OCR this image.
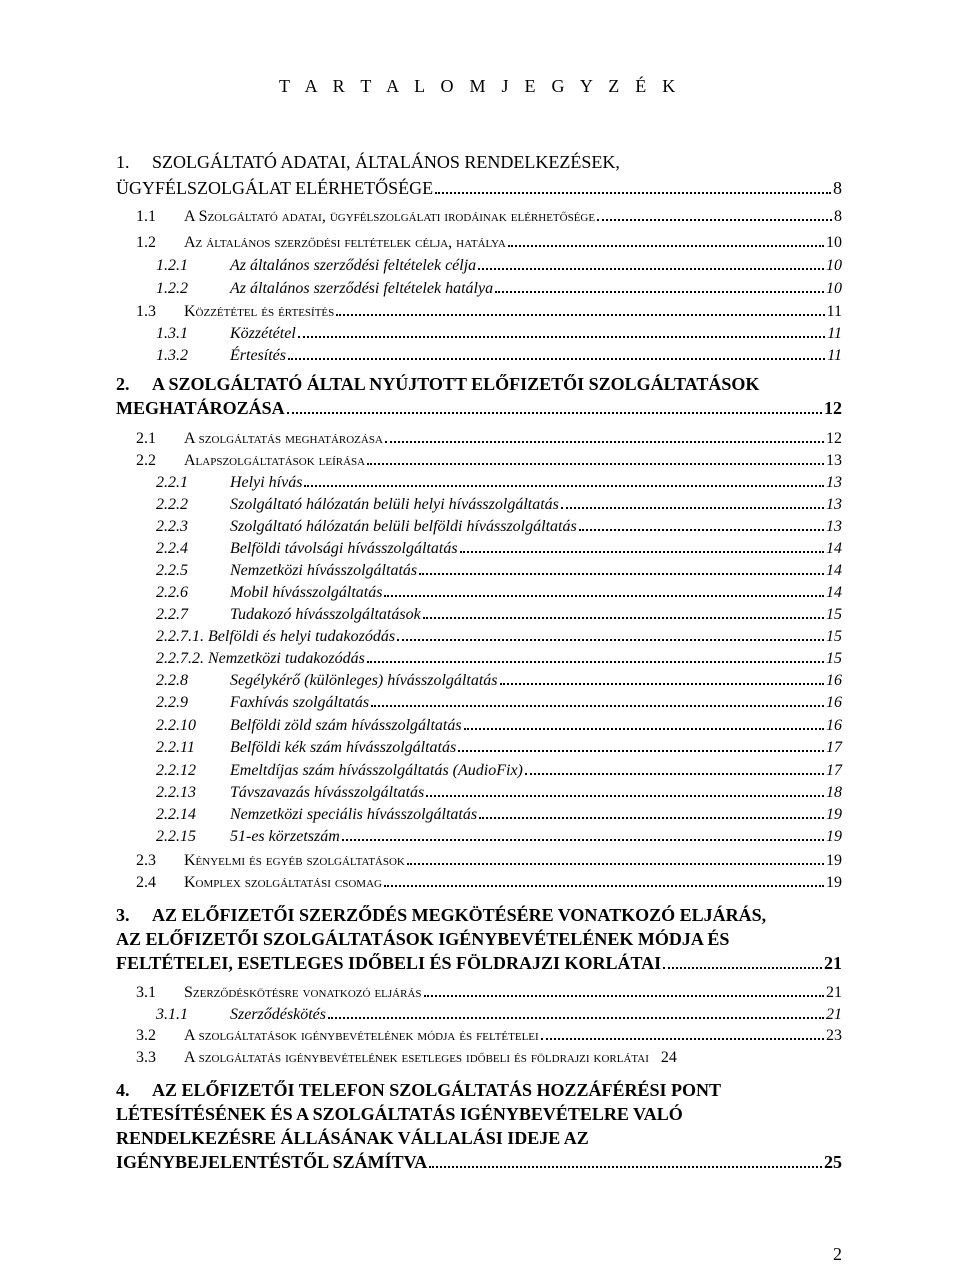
T A R T A L O M J E G Y Z É K
1.	SZOLGÁLTATÓ ADATAI, ÁLTALÁNOS RENDELKEZÉSEK,
ÜGYFÉLSZOLGÁLAT ELÉRHETŐSÉGE	8
1.1	A Szolgáltató adatai, ügyfélszolgálati irodáinak elérhetősége	8
1.2	Az általános szerződési feltételek célja, hatálya	10
1.2.1	Az általános szerződési feltételek célja	10
1.2.2	Az általános szerződési feltételek hatálya	10
1.3	Közzététel és értesítés	11
1.3.1	Közzététel	11
1.3.2	Értesítés	11
2.	A SZOLGÁLTATÓ ÁLTAL NYÚJTOTT ELŐFIZETŐI SZOLGÁLTATÁSOK
MEGHATÁROZÁSA	12
2.1	A szolgáltatás meghatározása	12
2.2	Alapszolgáltatások leírása	13
2.2.1	Helyi hívás	13
2.2.2	Szolgáltató hálózatán belüli helyi hívásszolgáltatás	13
2.2.3	Szolgáltató hálózatán belüli belföldi hívásszolgáltatás	13
2.2.4	Belföldi távolsági hívásszolgáltatás	14
2.2.5	Nemzetközi hívásszolgáltatás	14
2.2.6	Mobil hívásszolgáltatás	14
2.2.7	Tudakozó hívásszolgáltatások	15
2.2.7.1. Belföldi és helyi tudakozódás	15
2.2.7.2. Nemzetközi tudakozódás	15
2.2.8	Segélykérő (különleges) hívásszolgáltatás	16
2.2.9	Faxhívás szolgáltatás	16
2.2.10	Belföldi zöld szám hívásszolgáltatás	16
2.2.11	Belföldi kék szám hívásszolgáltatás	17
2.2.12	Emeltdíjas szám hívásszolgáltatás (AudioFix)	17
2.2.13	Távszavazás hívásszolgáltatás	18
2.2.14	Nemzetközi speciális hívásszolgáltatás	19
2.2.15	51-es körzetszám	19
2.3	Kényelmi és egyéb szolgáltatások	19
2.4	Komplex szolgáltatási csomag	19
3.	AZ ELŐFIZETŐI SZERZŐDÉS MEGKÖTÉSÉRE VONATKOZÓ ELJÁRÁS,
AZ ELŐFIZETŐI SZOLGÁLTATÁSOK IGÉNYBEVÉTELÉNEK MÓDJA ÉS
FELTÉTELEI, ESETLEGES IDŐBELI ÉS FÖLDRAJZI KORLÁTAI	21
3.1	Szerződéskötésre vonatkozó eljárás	21
3.1.1	Szerződéskötés	21
3.2	A szolgáltatások igénybevételének módja és feltételei	23
3.3	A szolgáltatás igénybevételének esetleges időbeli és földrajzi korlátai 24
4.	AZ ELŐFIZETŐI TELEFON SZOLGÁLTATÁS HOZZÁFÉRÉSI PONT
LÉTESÍTÉSÉNEK ÉS A SZOLGÁLTATÁS IGÉNYBEVÉTELRE VALÓ
RENDELKEZÉSRE ÁLLÁSÁNAK VÁLLALÁSI IDEJE AZ
IGÉNYBEJELENTÉSTŐL SZÁMÍTVA	25
2
